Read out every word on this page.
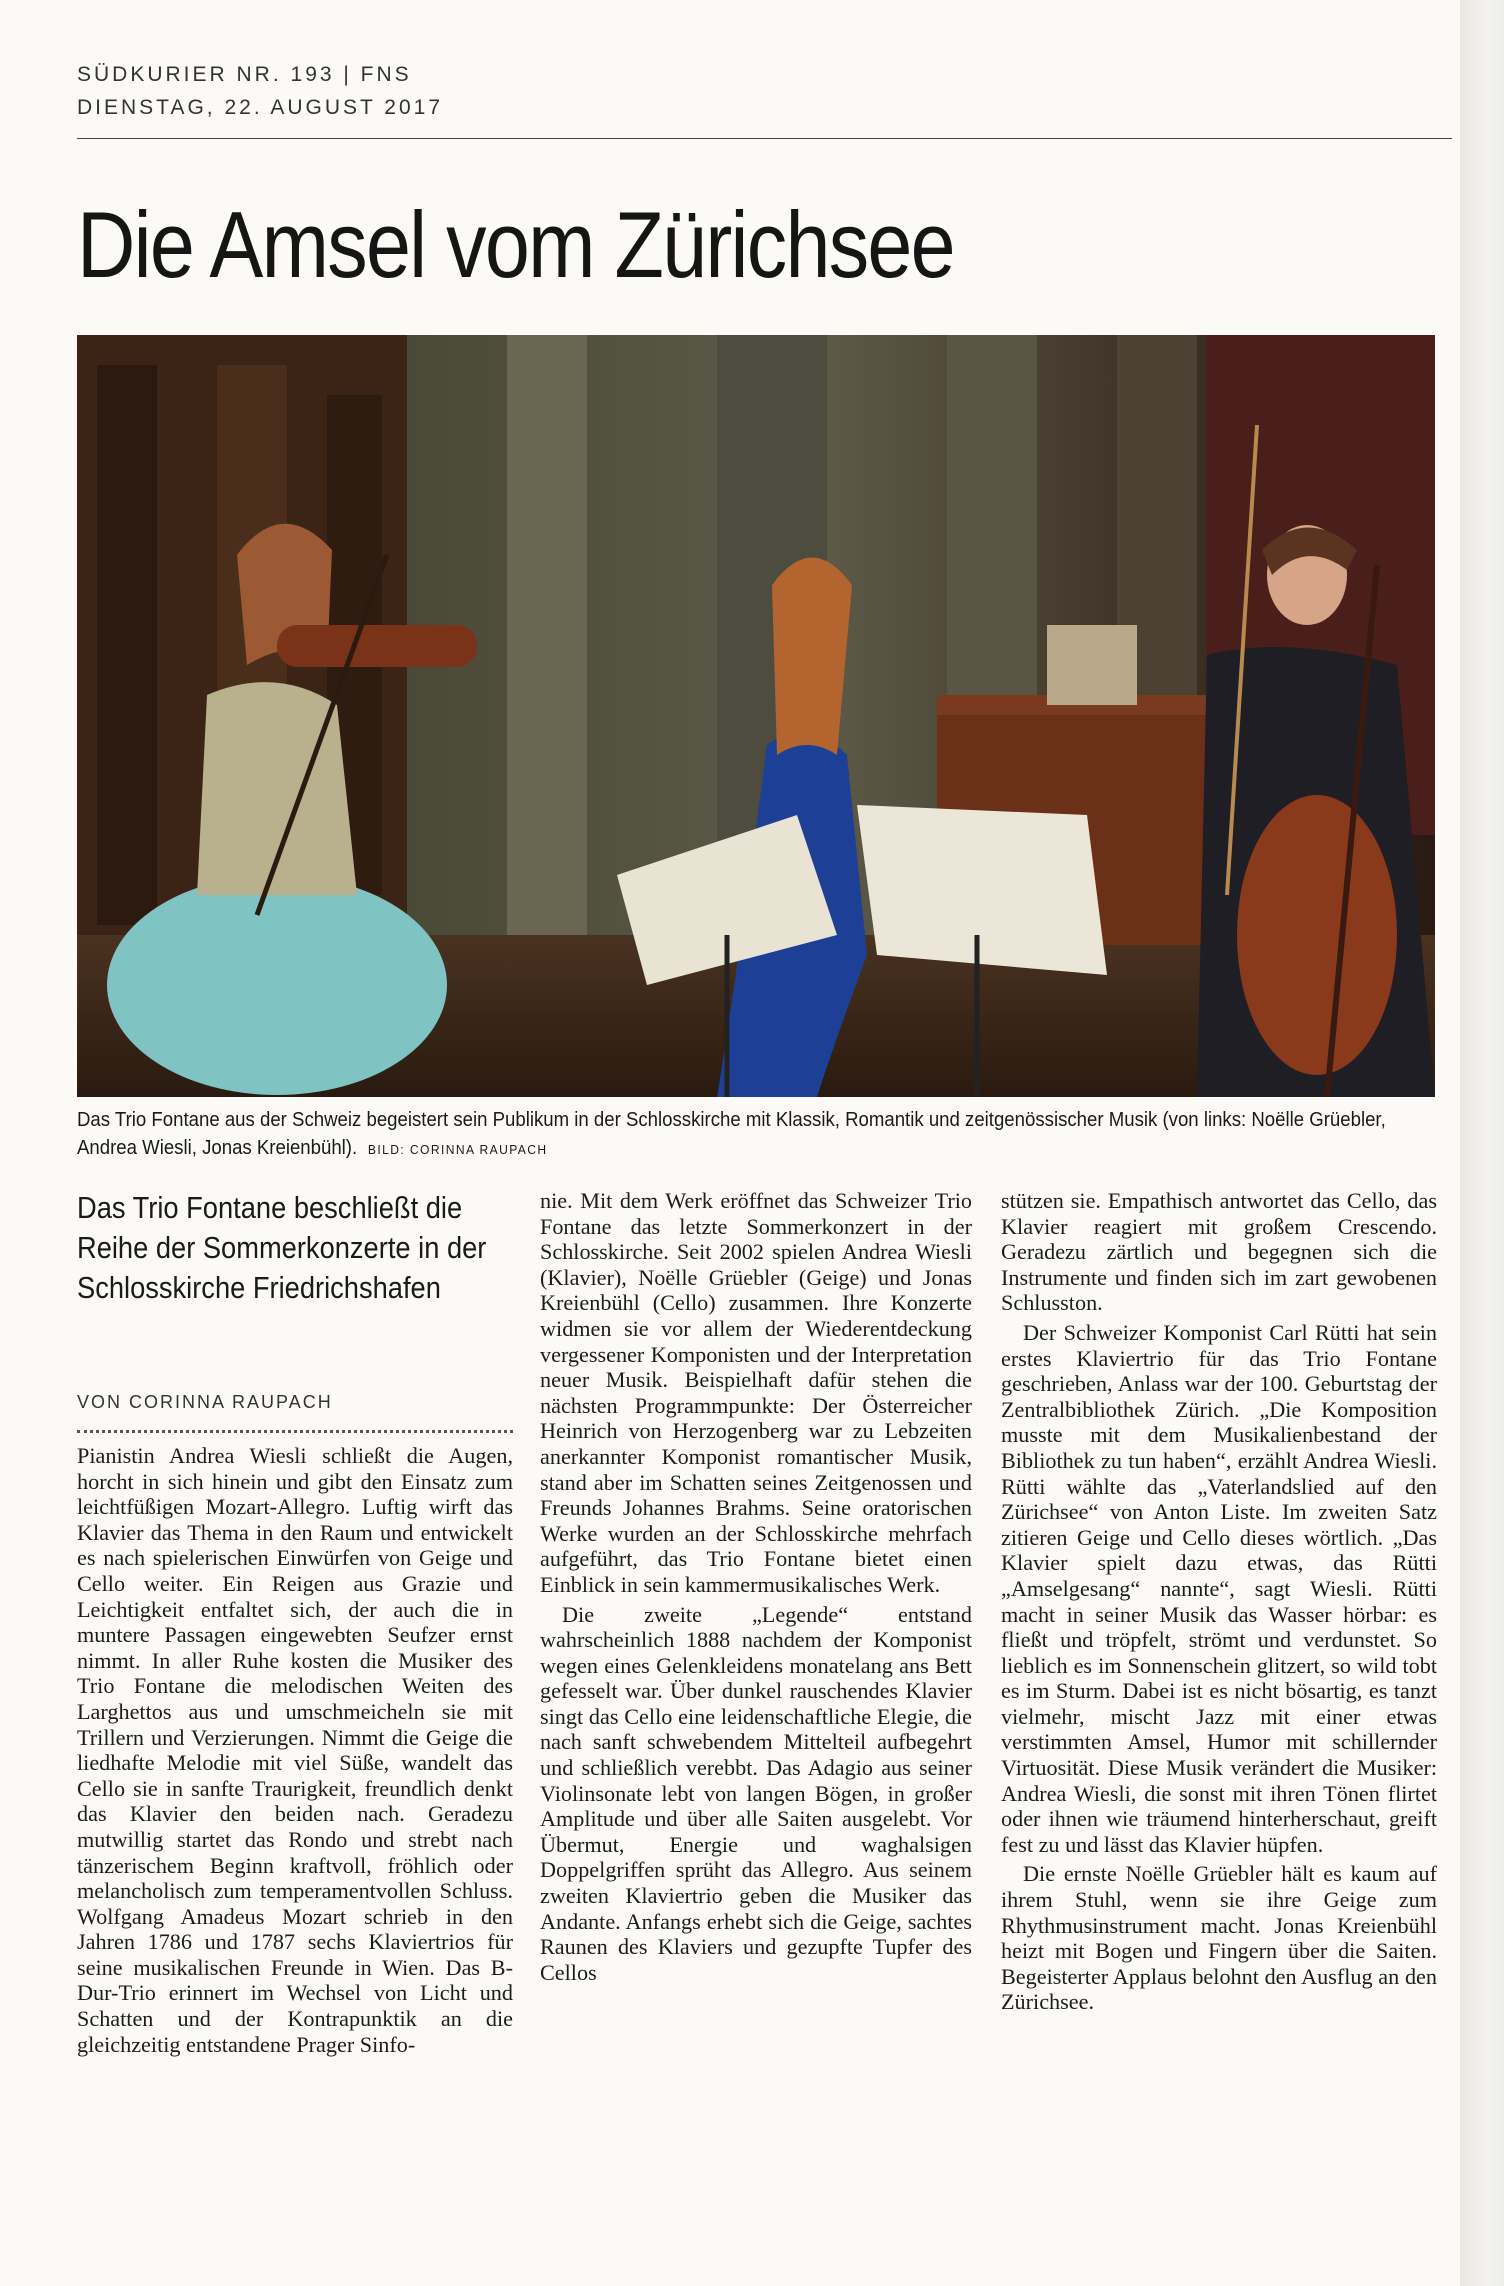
SÜDKURIER NR. 193 | FNS
DIENSTAG, 22. AUGUST 2017
Die Amsel vom Zürichsee
Das Trio Fontane aus der Schweiz begeistert sein Publikum in der Schlosskirche mit Klassik, Romantik und zeitgenössischer Musik (von links: Noëlle Grüebler, Andrea Wiesli, Jonas Kreienbühl). BILD: CORINNA RAUPACH
Das Trio Fontane beschließt die Reihe der Sommerkonzerte in der Schlosskirche Friedrichshafen
VON CORINNA RAUPACH

Pianistin Andrea Wiesli schließt die Augen, horcht in sich hinein und gibt den Einsatz zum leichtfüßigen Mozart-Allegro. Luftig wirft das Klavier das Thema in den Raum und entwickelt es nach spielerischen Einwürfen von Geige und Cello weiter. Ein Reigen aus Grazie und Leichtigkeit entfaltet sich, der auch die in muntere Passagen eingewebten Seufzer ernst nimmt. In aller Ruhe kosten die Musiker des Trio Fontane die melodischen Weiten des Larghettos aus und umschmeicheln sie mit Trillern und Verzierungen. Nimmt die Geige die liedhafte Melodie mit viel Süße, wandelt das Cello sie in sanfte Traurigkeit, freundlich denkt das Klavier den beiden nach. Geradezu mutwillig startet das Rondo und strebt nach tänzerischem Beginn kraftvoll, fröhlich oder melancholisch zum temperamentvollen Schluss. Wolfgang Amadeus Mozart schrieb in den Jahren 1786 und 1787 sechs Klaviertrios für seine musikalischen Freunde in Wien. Das B-Dur-Trio erinnert im Wechsel von Licht und Schatten und der Kontrapunktik an die gleichzeitig entstandene Prager Sinfo-

nie. Mit dem Werk eröffnet das Schweizer Trio Fontane das letzte Sommerkonzert in der Schlosskirche. Seit 2002 spielen Andrea Wiesli (Klavier), Noëlle Grüebler (Geige) und Jonas Kreienbühl (Cello) zusammen. Ihre Konzerte widmen sie vor allem der Wiederentdeckung vergessener Komponisten und der Interpretation neuer Musik. Beispielhaft dafür stehen die nächsten Programmpunkte: Der Österreicher Heinrich von Herzogenberg war zu Lebzeiten anerkannter Komponist romantischer Musik, stand aber im Schatten seines Zeitgenossen und Freunds Johannes Brahms. Seine oratorischen Werke wurden an der Schlosskirche mehrfach aufgeführt, das Trio Fontane bietet einen Einblick in sein kammermusikalisches Werk.

Die zweite „Legende“ entstand wahrscheinlich 1888 nachdem der Komponist wegen eines Gelenkleidens monatelang ans Bett gefesselt war. Über dunkel rauschendes Klavier singt das Cello eine leidenschaftliche Elegie, die nach sanft schwebendem Mittelteil aufbegehrt und schließlich verebbt. Das Adagio aus seiner Violinsonate lebt von langen Bögen, in großer Amplitude und über alle Saiten ausgelebt. Vor Übermut, Energie und waghalsigen Doppelgriffen sprüht das Allegro. Aus seinem zweiten Klaviertrio geben die Musiker das Andante. Anfangs erhebt sich die Geige, sachtes Raunen des Klaviers und gezupfte Tupfer des Cellos

stützen sie. Empathisch antwortet das Cello, das Klavier reagiert mit großem Crescendo. Geradezu zärtlich und begegnen sich die Instrumente und finden sich im zart gewobenen Schlusston.

Der Schweizer Komponist Carl Rütti hat sein erstes Klaviertrio für das Trio Fontane geschrieben, Anlass war der 100. Geburtstag der Zentralbibliothek Zürich. „Die Komposition musste mit dem Musikalienbestand der Bibliothek zu tun haben“, erzählt Andrea Wiesli. Rütti wählte das „Vaterlandslied auf den Zürichsee“ von Anton Liste. Im zweiten Satz zitieren Geige und Cello dieses wörtlich. „Das Klavier spielt dazu etwas, das Rütti „Amselgesang“ nannte“, sagt Wiesli. Rütti macht in seiner Musik das Wasser hörbar: es fließt und tröpfelt, strömt und verdunstet. So lieblich es im Sonnenschein glitzert, so wild tobt es im Sturm. Dabei ist es nicht bösartig, es tanzt vielmehr, mischt Jazz mit einer etwas verstimmten Amsel, Humor mit schillernder Virtuosität. Diese Musik verändert die Musiker: Andrea Wiesli, die sonst mit ihren Tönen flirtet oder ihnen wie träumend hinterherschaut, greift fest zu und lässt das Klavier hüpfen.

Die ernste Noëlle Grüebler hält es kaum auf ihrem Stuhl, wenn sie ihre Geige zum Rhythmusinstrument macht. Jonas Kreienbühl heizt mit Bogen und Fingern über die Saiten. Begeisterter Applaus belohnt den Ausflug an den Zürichsee.
